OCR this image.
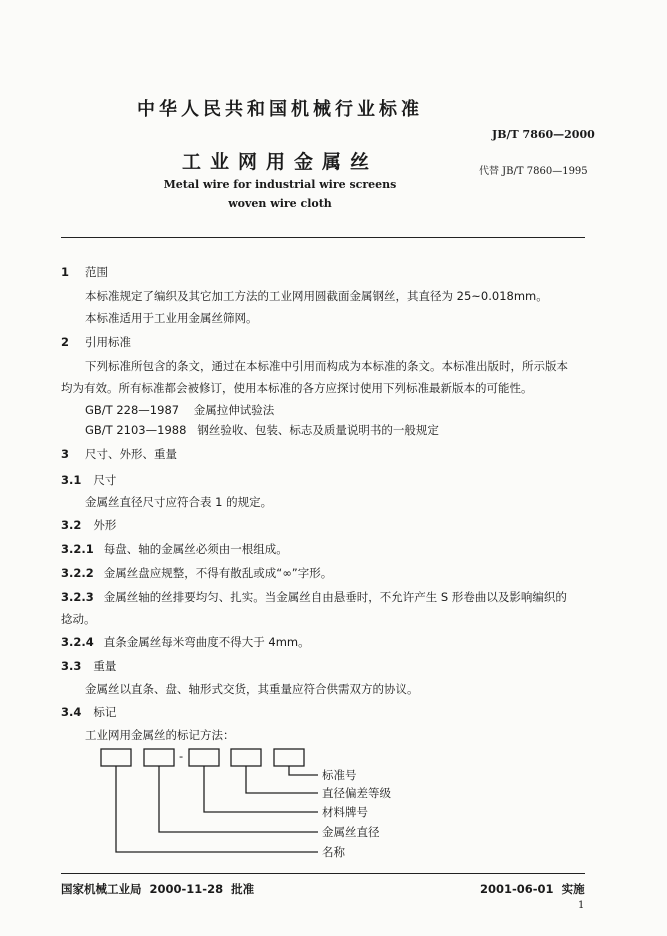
中华人民共和国机械行业标准
JB/T 7860—2000
工业网用金属丝	代替 JB/T 7860—1995
Metal wire for industrial wire screens
woven wire cloth
1 范围
本标准规定了编织及其它加工方法的工业网用圆截面金属钢丝，其直径为 25~0.018mm。
本标准适用于工业用金属丝筛网。
2 引用标准
下列标准所包含的条文，通过在本标准中引用而构成为本标准的条文。本标准出版时，所示版本
均为有效。所有标准都会被修订，使用本标准的各方应探讨使用下列标准最新版本的可能性。
GB/T 228—1987    金属拉伸试验法
GB/T 2103—1988   钢丝验收、包装、标志及质量说明书的一般规定
3 尺寸、外形、重量
3.1 尺寸
金属丝直径尺寸应符合表 1 的规定。
3.2 外形
3.2.1 每盘、轴的金属丝必须由一根组成。
3.2.2 金属丝盘应规整，不得有散乱或成“∞”字形。
3.2.3 金属丝轴的丝排要均匀、扎实。当金属丝自由悬垂时，不允许产生 S 形卷曲以及影响编织的
捻动。
3.2.4 直条金属丝每米弯曲度不得大于 4mm。
3.3 重量
金属丝以直条、盘、轴形式交货，其重量应符合供需双方的协议。
3.4 标记
工业网用金属丝的标记方法：
-
标准号
直径偏差等级
材料牌号
金属丝直径
名称
国家机械工业局  2000-11-28  批准	2001-06-01  实施
1
